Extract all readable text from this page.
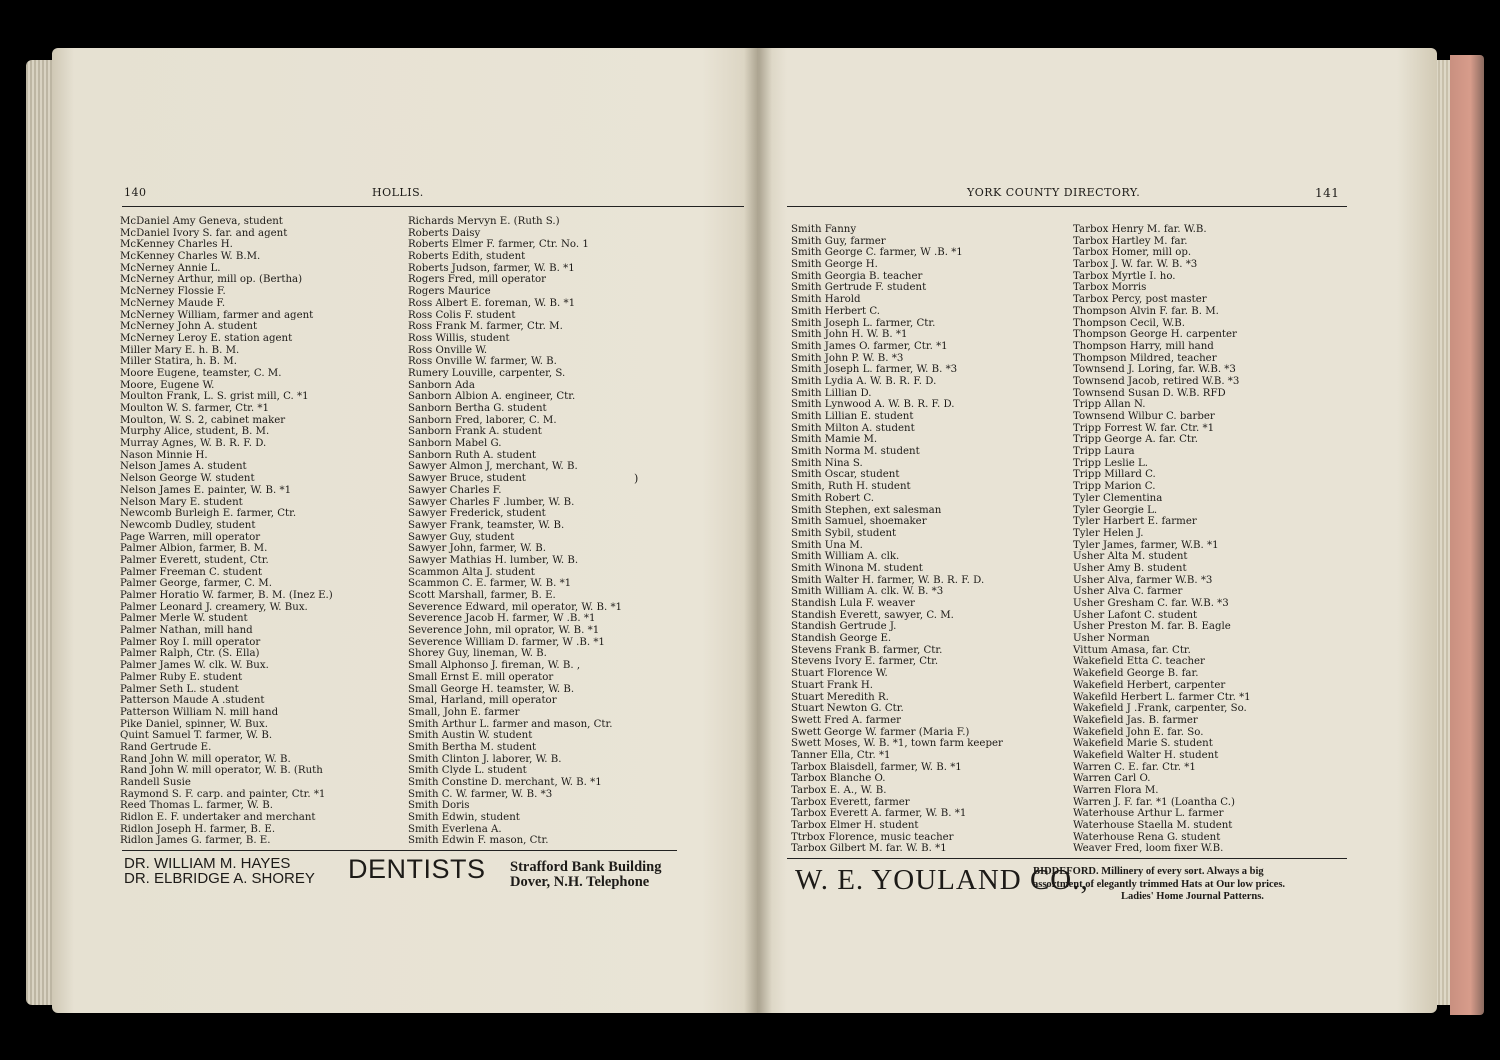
140	HOLLIS.
McDaniel Amy Geneva, student
McDaniel Ivory S. far. and agent
McKenney Charles H.
McKenney Charles W. B.M.
McNerney Annie L.
McNerney Arthur, mill op. (Bertha)
McNerney Flossie F.
McNerney Maude F.
McNerney William, farmer and agent
McNerney John A. student
McNerney Leroy E. station agent
Miller Mary E. h. B. M.
Miller Statira, h. B. M.
Moore Eugene, teamster, C. M.
Moore, Eugene W.
Moulton Frank, L. S. grist mill, C. *1
Moulton W. S. farmer, Ctr. *1
Moulton, W. S. 2, cabinet maker
Murphy Alice, student, B. M.
Murray Agnes, W. B. R. F. D.
Nason Minnie H.
Nelson James A. student
Nelson George W. student
Nelson James E. painter, W. B. *1
Nelson Mary E. student
Newcomb Burleigh E. farmer, Ctr.
Newcomb Dudley, student
Page Warren, mill operator
Palmer Albion, farmer, B. M.
Palmer Everett, student, Ctr.
Palmer Freeman C. student
Palmer George, farmer, C. M.
Palmer Horatio W. farmer, B. M. (Inez E.)
Palmer Leonard J. creamery, W. Bux.
Palmer Merle W. student
Palmer Nathan, mill hand
Palmer Roy I. mill operator
Palmer Ralph, Ctr. (S. Ella)
Palmer James W. clk. W. Bux.
Palmer Ruby E. student
Palmer Seth L. student
Patterson Maude A .student
Patterson William N. mill hand
Pike Daniel, spinner, W. Bux.
Quint Samuel T. farmer, W. B.
Rand Gertrude E.
Rand John W. mill operator, W. B.
Rand John W. mill operator, W. B. (Ruth
Randell Susie
Raymond S. F. carp. and painter, Ctr. *1
Reed Thomas L. farmer, W. B.
Ridlon E. F. undertaker and merchant
Ridlon Joseph H. farmer, B. E.
Ridlon James G. farmer, B. E.
Richards Mervyn E. (Ruth S.)
Roberts Daisy
Roberts Elmer F. farmer, Ctr. No. 1
Roberts Edith, student
Roberts Judson, farmer, W. B. *1
Rogers Fred, mill operator
Rogers Maurice
Ross Albert E. foreman, W. B. *1
Ross Colis F. student
Ross Frank M. farmer, Ctr. M.
Ross Willis, student
Ross Onville W.
Ross Onville W. farmer, W. B.
Rumery Louville, carpenter, S.
Sanborn Ada
Sanborn Albion A. engineer, Ctr.
Sanborn Bertha G. student
Sanborn Fred, laborer, C. M.
Sanborn Frank A. student
Sanborn Mabel G.
Sanborn Ruth A. student
Sawyer Almon J, merchant, W. B.
Sawyer Bruce, student
Sawyer Charles F.
Sawyer Charles F .lumber, W. B.
Sawyer Frederick, student
Sawyer Frank, teamster, W. B.
Sawyer Guy, student
Sawyer John, farmer, W. B.
Sawyer Mathias H. lumber, W. B.
Scammon Alta J. student
Scammon C. E. farmer, W. B. *1
Scott Marshall, farmer, B. E.
Severence Edward, mil operator, W. B. *1
Severence Jacob H. farmer, W .B. *1
Severence John, mil oprator, W. B. *1
Severence William D. farmer, W .B. *1
Shorey Guy, lineman, W. B.
Small Alphonso J. fireman, W. B. ,
Small Ernst E. mill operator
Small George H. teamster, W. B.
Smal, Harland, mill operator
Small, John E. farmer
Smith Arthur L. farmer and mason, Ctr.
Smith Austin W. student
Smith Bertha M. student
Smith Clinton J. laborer, W. B.
Smith Clyde L. student
Smith Constine D. merchant, W. B. *1
Smith C. W. farmer, W. B. *3
Smith Doris
Smith Edwin, student
Smith Everlena A.
Smith Edwin F. mason, Ctr.
)
DR. WILLIAM M. HAYES
DR. ELBRIDGE A. SHOREY DENTISTS Strafford Bank Building
Dover, N.H. Telephone
YORK COUNTY DIRECTORY.	141
Smith Fanny
Smith Guy, farmer
Smith George C. farmer, W .B. *1
Smith George H.
Smith Georgia B. teacher
Smith Gertrude F. student
Smith Harold
Smith Herbert C.
Smith Joseph L. farmer, Ctr.
Smith John H. W. B. *1
Smith James O. farmer, Ctr. *1
Smith John P. W. B. *3
Smith Joseph L. farmer, W. B. *3
Smith Lydia A. W. B. R. F. D.
Smith Lillian D.
Smith Lynwood A. W. B. R. F. D.
Smith Lillian E. student
Smith Milton A. student
Smith Mamie M.
Smith Norma M. student
Smith Nina S.
Smith Oscar, student
Smith, Ruth H. student
Smith Robert C.
Smith Stephen, ext salesman
Smith Samuel, shoemaker
Smith Sybil, student
Smith Una M.
Smith William A. clk.
Smith Winona M. student
Smith Walter H. farmer, W. B. R. F. D.
Smith William A. clk. W. B. *3
Standish Lula F. weaver
Standish Everett, sawyer, C. M.
Standish Gertrude J.
Standish George E.
Stevens Frank B. farmer, Ctr.
Stevens Ivory E. farmer, Ctr.
Stuart Florence W.
Stuart Frank H.
Stuart Meredith R.
Stuart Newton G. Ctr.
Swett Fred A. farmer
Swett George W. farmer (Maria F.)
Swett Moses, W. B. *1, town farm keeper
Tanner Ella, Ctr. *1
Tarbox Blaisdell, farmer, W. B. *1
Tarbox Blanche O.
Tarbox E. A., W. B.
Tarbox Everett, farmer
Tarbox Everett A. farmer, W. B. *1
Tarbox Elmer H. student
Ttrbox Florence, music teacher
Tarbox Gilbert M. far. W. B. *1
Tarbox Henry M. far. W.B.
Tarbox Hartley M. far.
Tarbox Homer, mill op.
Tarbox J. W. far. W. B. *3
Tarbox Myrtle I. ho.
Tarbox Morris
Tarbox Percy, post master
Thompson Alvin F. far. B. M.
Thompson Cecil, W.B.
Thompson George H. carpenter
Thompson Harry, mill hand
Thompson Mildred, teacher
Townsend J. Loring, far. W.B. *3
Townsend Jacob, retired W.B. *3
Townsend Susan D. W.B. RFD
Tripp Allan N.
Townsend Wilbur C. barber
Tripp Forrest W. far. Ctr. *1
Tripp George A. far. Ctr.
Tripp Laura
Tripp Leslie L.
Tripp Millard C.
Tripp Marion C.
Tyler Clementina
Tyler Georgie L.
Tyler Harbert E. farmer
Tyler Helen J.
Tyler James, farmer, W.B. *1
Usher Alta M. student
Usher Amy B. student
Usher Alva, farmer W.B. *3
Usher Alva C. farmer
Usher Gresham C. far. W.B. *3
Usher Lafont C. student
Usher Preston M. far. B. Eagle
Usher Norman
Vittum Amasa, far. Ctr.
Wakefield Etta C. teacher
Wakefield George B. far.
Wakefield Herbert, carpenter
Wakefild Herbert L. farmer Ctr. *1
Wakefield J .Frank, carpenter, So.
Wakefield Jas. B. farmer
Wakefield John E. far. So.
Wakefield Marie S. student
Wakefield Walter H. student
Warren C. E. far. Ctr. *1
Warren Carl O.
Warren Flora M.
Warren J. F. far. *1 (Loantha C.)
Waterhouse Arthur L. farmer
Waterhouse Staella M. student
Waterhouse Rena G. student
Weaver Fred, loom fixer W.B.
W. E. YOULAND CO.,
BIDDEFORD. Millinery of every sort. Always a big
assortment of elegantly trimmed Hats at Our low prices.
Ladies' Home Journal Patterns.
